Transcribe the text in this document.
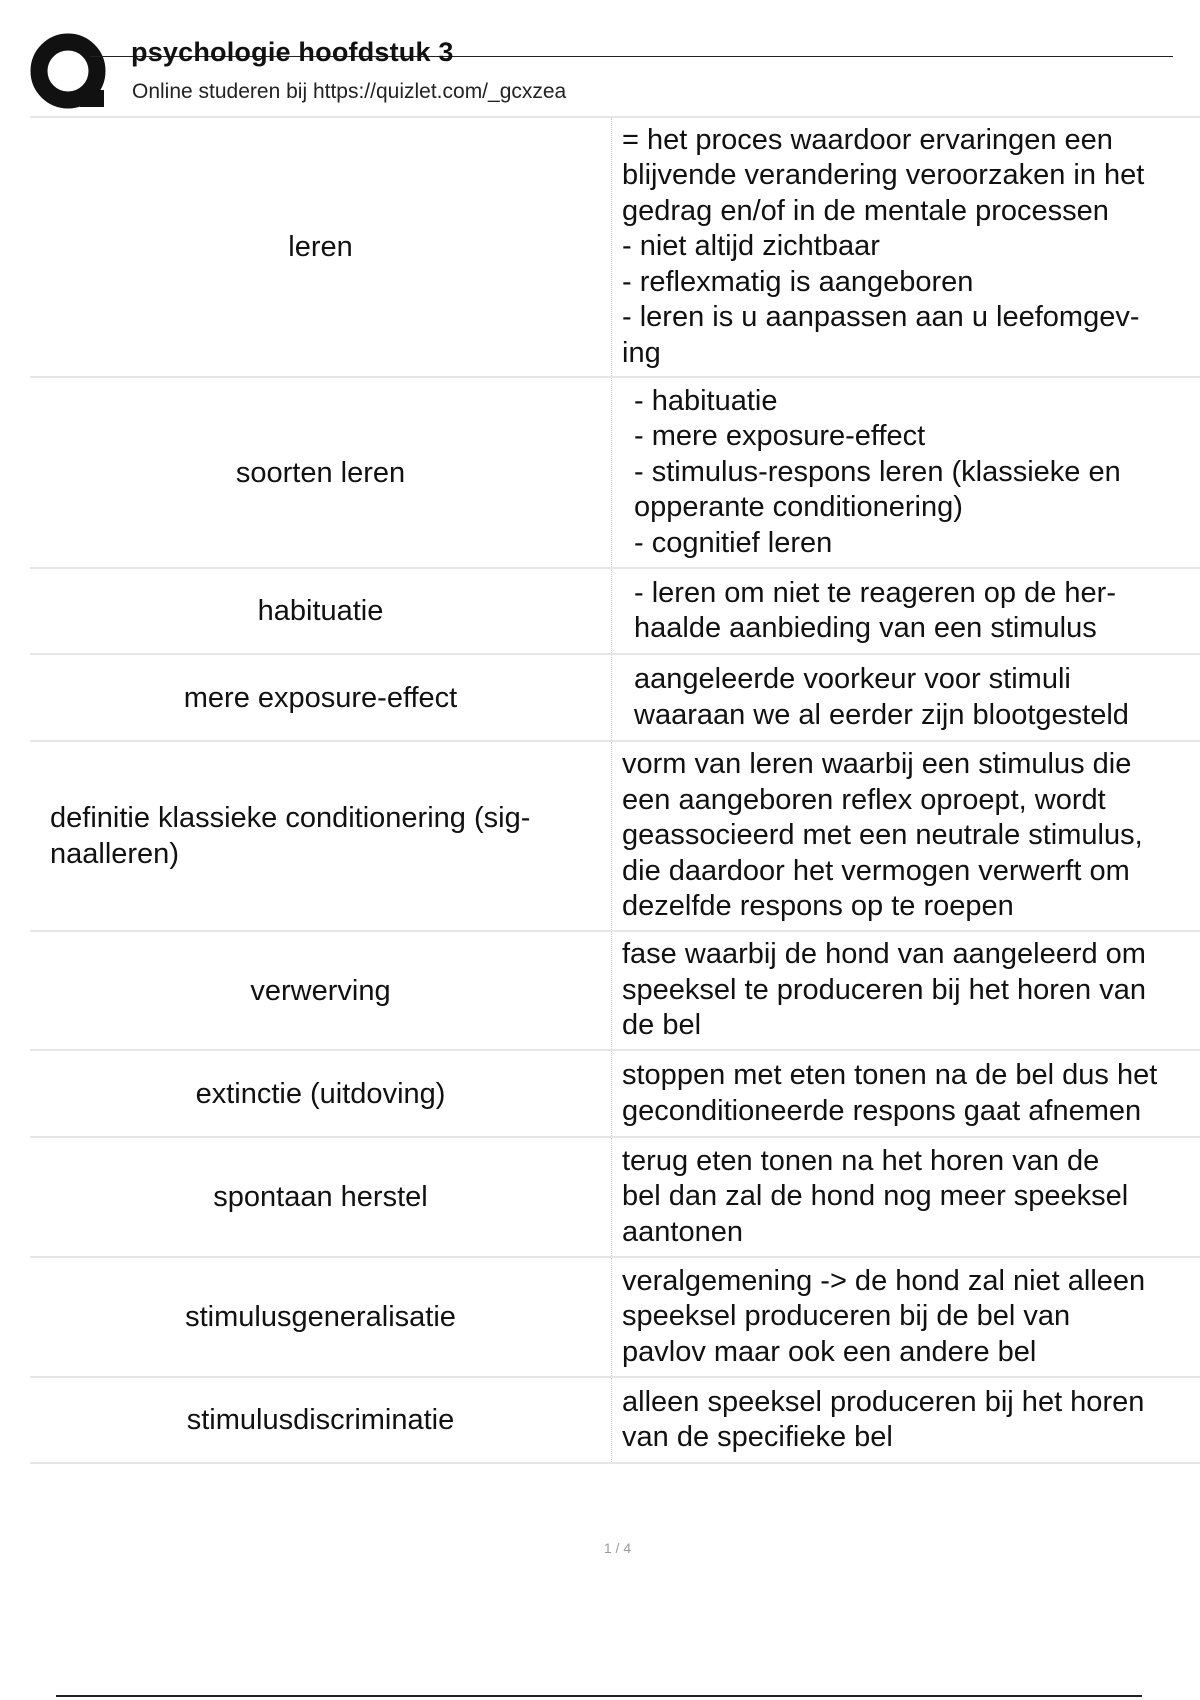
psychologie hoofdstuk 3
Online studeren bij https://quizlet.com/_gcxzea
leren
= het proces waardoor ervaringen een
blijvende verandering veroorzaken in het
gedrag en/of in de mentale processen
- niet altijd zichtbaar
- reflexmatig is aangeboren
- leren is u aanpassen aan u leefomgev-
ing
soorten leren
- habituatie
- mere exposure-effect
- stimulus-respons leren (klassieke en
opperante conditionering)
- cognitief leren
habituatie
- leren om niet te reageren op de her-
haalde aanbieding van een stimulus
mere exposure-effect
aangeleerde voorkeur voor stimuli
waaraan we al eerder zijn blootgesteld
definitie klassieke conditionering (sig-
naalleren)
vorm van leren waarbij een stimulus die
een aangeboren reflex oproept, wordt
geassocieerd met een neutrale stimulus,
die daardoor het vermogen verwerft om
dezelfde respons op te roepen
verwerving
fase waarbij de hond van aangeleerd om
speeksel te produceren bij het horen van
de bel
extinctie (uitdoving)
stoppen met eten tonen na de bel dus het
geconditioneerde respons gaat afnemen
spontaan herstel
terug eten tonen na het horen van de
bel dan zal de hond nog meer speeksel
aantonen
stimulusgeneralisatie
veralgemening -> de hond zal niet alleen
speeksel produceren bij de bel van
pavlov maar ook een andere bel
stimulusdiscriminatie
alleen speeksel produceren bij het horen
van de specifieke bel
1 / 4
